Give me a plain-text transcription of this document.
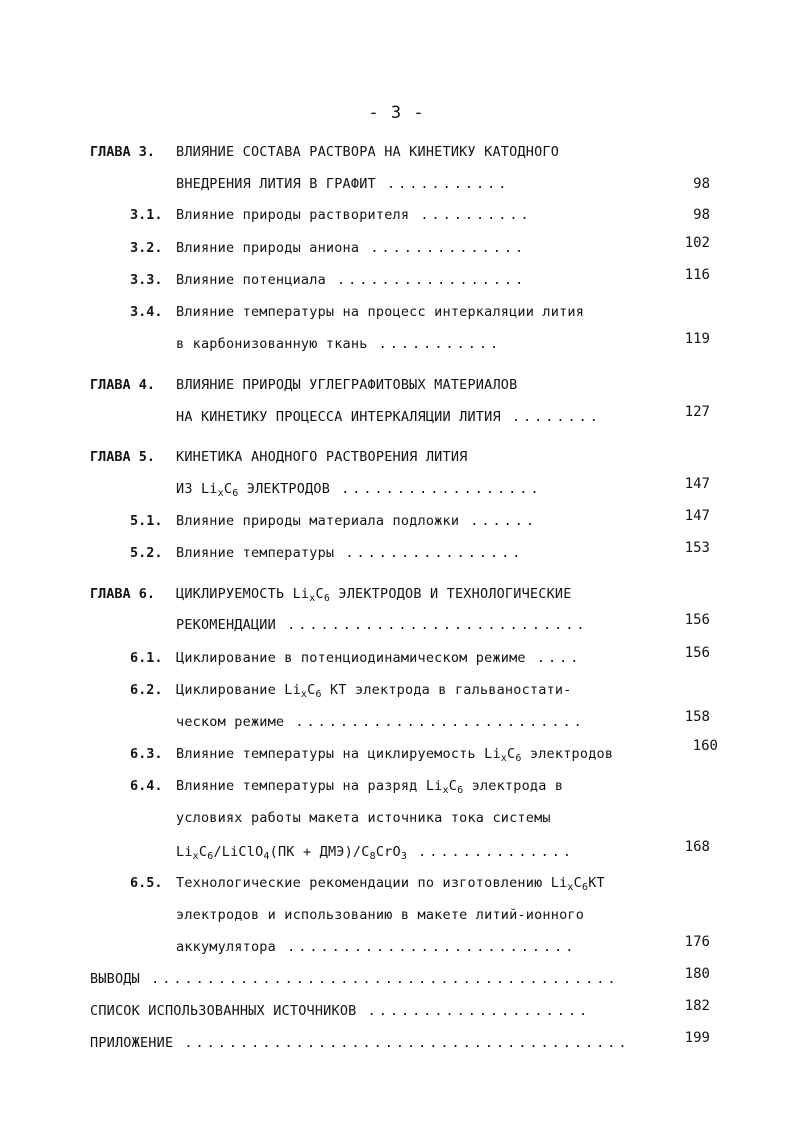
- 3 -
ГЛАВА 3. ВЛИЯНИЕ СОСТАВА РАСТВОРА НА КИНЕТИКУ КАТОДНОГО
ВНЕДРЕНИЯ ЛИТИЯ В ГРАФИТ ...........	98
3.1. Влияние природы растворителя ..........	98
3.2. Влияние природы аниона ..............	102
3.3. Влияние потенциала .................	116
3.4. Влияние температуры на процесс интеркаляции лития
в карбонизованную ткань ...........	119
ГЛАВА 4. ВЛИЯНИЕ ПРИРОДЫ УГЛЕГРАФИТОВЫХ МАТЕРИАЛОВ
НА КИНЕТИКУ ПРОЦЕССА ИНТЕРКАЛЯЦИИ ЛИТИЯ ........	127
ГЛАВА 5. КИНЕТИКА АНОДНОГО РАСТВОРЕНИЯ ЛИТИЯ
ИЗ $Li_xC_6$ ЭЛЕКТРОДОВ ..................	147
5.1. Влияние природы материала подложки ......	147
5.2. Влияние температуры ................	153
ГЛАВА 6. ЦИКЛИРУЕМОСТЬ $Li_xC_6$ ЭЛЕКТРОДОВ И ТЕХНОЛОГИЧЕСКИЕ
РЕКОМЕНДАЦИИ ...........................	156
6.1. Циклирование в потенциодинамическом режиме ....	156
6.2. Циклирование $Li_xC_6$ КТ электрода в гальваностати-
ческом режиме ..........................	158
6.3. Влияние температуры на циклируемость $Li_xC_6$ электродов	160
6.4. Влияние температуры на разряд $Li_xC_6$ электрода в
условиях работы макета источника тока системы
$Li_xC_6/LiClO_4(ПК + ДМЭ)/C_8CrO_3$ ..............	168
6.5. Технологические рекомендации по изготовлению $Li_xC_6КТ$
электродов и использованию в макете литий-ионного
аккумулятора ..........................	176
ВЫВОДЫ ..........................................	180
СПИСОК ИСПОЛЬЗОВАННЫХ ИСТОЧНИКОВ ....................	182
ПРИЛОЖЕНИЕ ........................................	199
